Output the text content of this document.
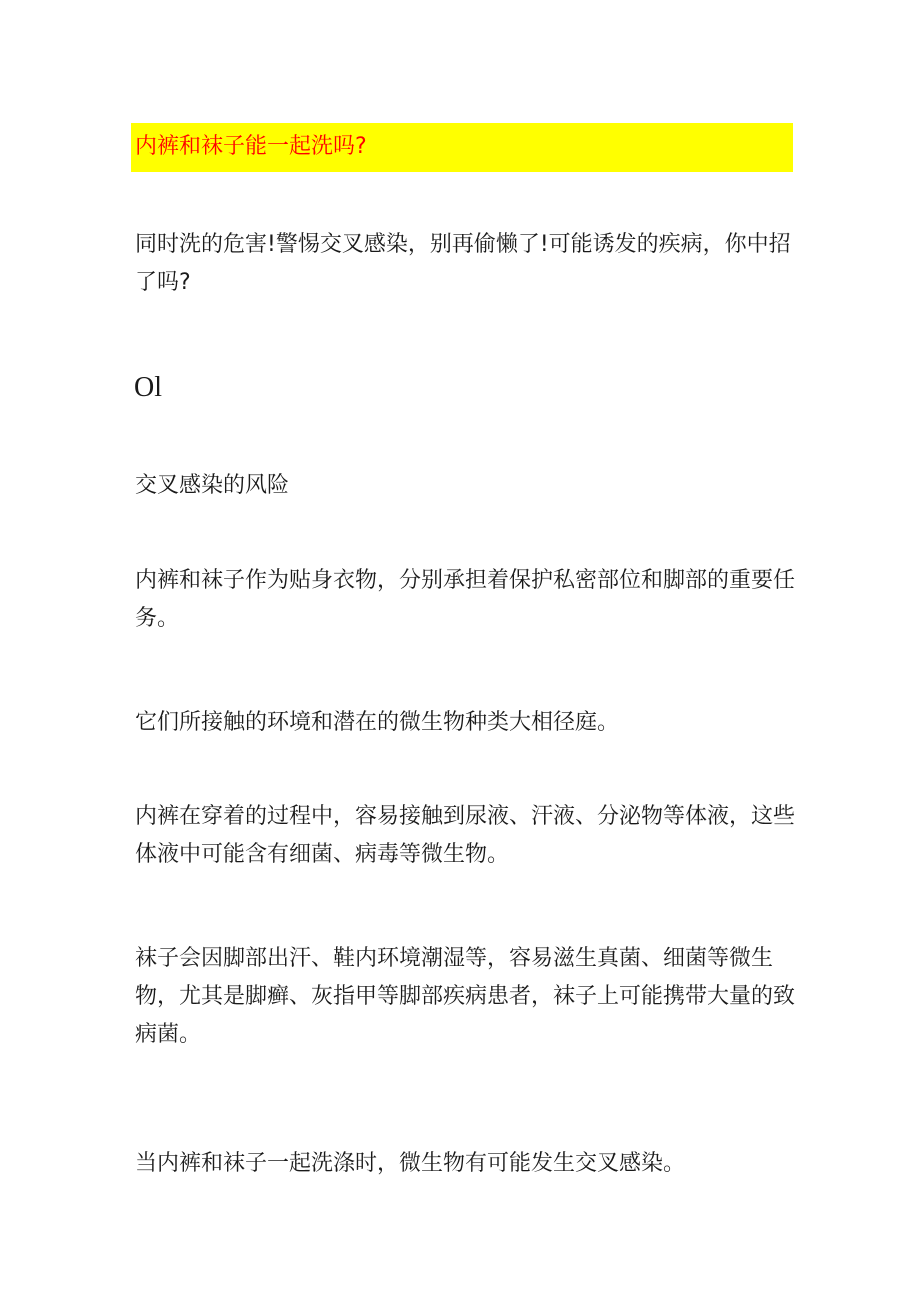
内裤和袜子能一起洗吗?

同时洗的危害!警惕交叉感染，别再偷懒了!可能诱发的疾病，你中招了吗?

Ol

交叉感染的风险

内裤和袜子作为贴身衣物，分别承担着保护私密部位和脚部的重要任务。

它们所接触的环境和潜在的微生物种类大相径庭。

内裤在穿着的过程中，容易接触到尿液、汗液、分泌物等体液，这些体液中可能含有细菌、病毒等微生物。

袜子会因脚部出汗、鞋内环境潮湿等，容易滋生真菌、细菌等微生物，尤其是脚癣、灰指甲等脚部疾病患者，袜子上可能携带大量的致病菌。

当内裤和袜子一起洗涤时，微生物有可能发生交叉感染。
